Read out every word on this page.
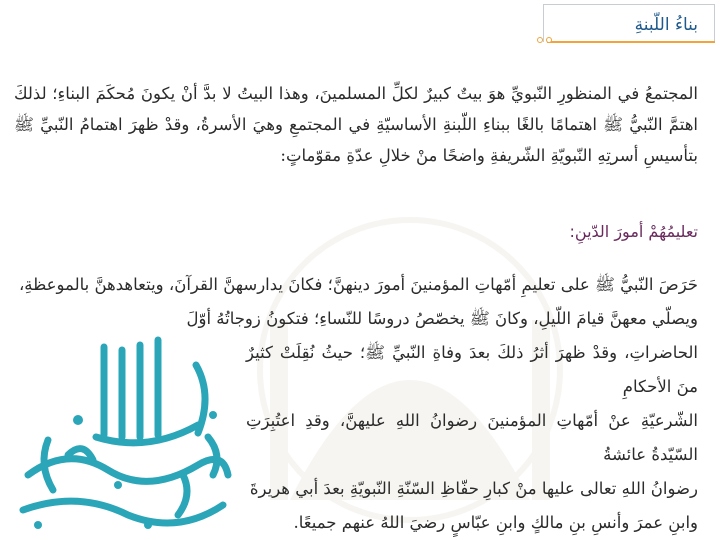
بناءُ اللّبنةِ

المجتمعُ في المنظورِ النّبويِّ هوَ بيتٌ كبيرٌ لكلِّ المسلمينَ، وهذا البيتُ لا بدَّ أنْ يكونَ مُحكَمَ البناءِ؛ لذلكَ اهتمَّ النّبيُّ ﷺ اهتمامًا بالغًا ببناءِ اللّبنةِ الأساسيّةِ في المجتمعِ وهيَ الأسرةُ، وقدْ ظهرَ اهتمامُ النّبيِّ ﷺ بتأسيسِ أسرتِهِ النّبويّةِ الشّريفةِ واضحًا منْ خلالِ عدّةِ مقوّماتٍ:

تعليمُهُمْ أمورَ الدّينِ:
حَرَصَ النّبيُّ ﷺ على تعليمِ أمّهاتِ المؤمنينَ أمورَ دينهنَّ؛ فكانَ يدارسهنَّ القرآنَ، ويتعاهدهنَّ بالموعظةِ،
ويصلّي معهنَّ قيامَ اللّيلِ، وكانَ ﷺ يخصّصُ دروسًا للنّساءِ؛ فتكونُ زوجاتُهُ أوّلَ
الحاضراتِ، وقدْ ظهرَ أثرُ ذلكَ بعدَ وفاةِ النّبيِّ ﷺ؛ حيثُ نُقِلَتْ كثيرٌ منَ الأحكامِ
الشّرعيّةِ عنْ أمّهاتِ المؤمنينَ رضوانُ اللهِ عليهنَّ، وقدِ اعتُبِرَتِ السّيّدةُ عائشةُ
رضوانُ اللهِ تعالى عليها منْ كبارِ حفّاظِ السّنّةِ النّبويّةِ بعدَ أبي هريرةَ
وابنِ عمرَ وأنسِ بنِ مالكٍ وابنِ عبّاسٍ رضيَ اللهُ عنهم جميعًا.
